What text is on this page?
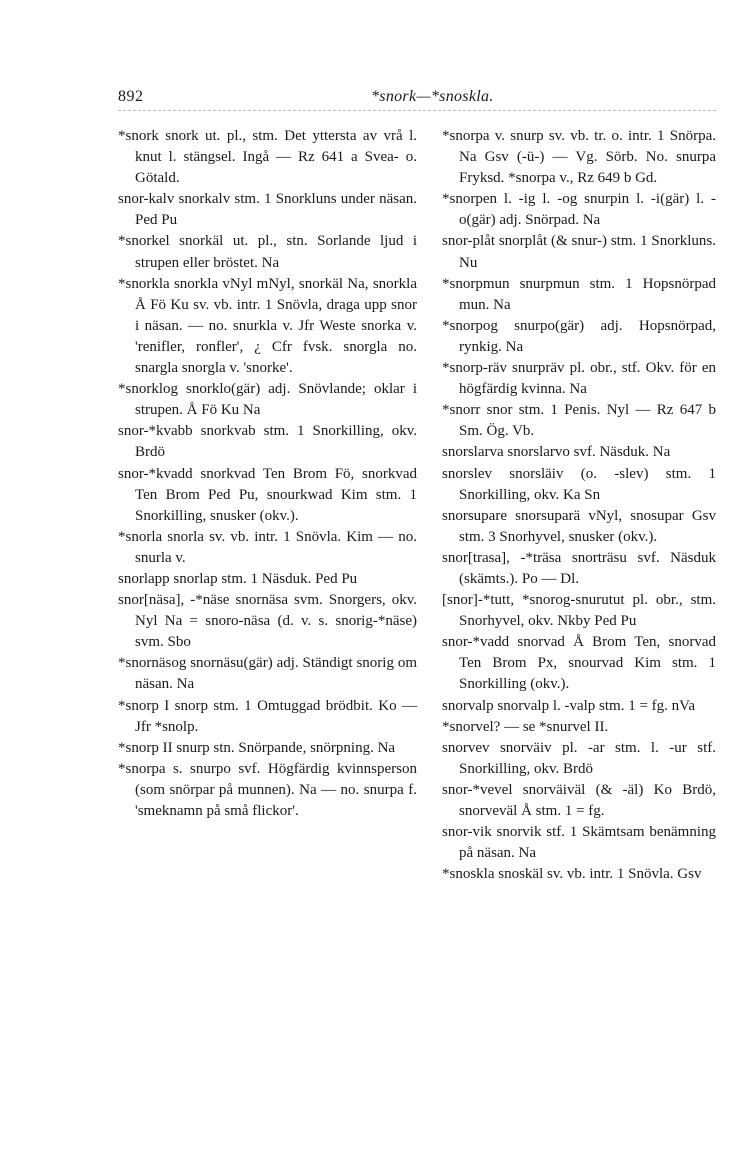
892	*snork—*snoskla.

*snork snork ut. pl., stm. Det yttersta av vrå l. knut l. stängsel. Ingå — Rz 641 a Svea- o. Götald.

snor-kalv snorkalv stm. 1 Snorkluns under näsan. Ped Pu

*snorkel snorkäl ut. pl., stn. Sorlande ljud i strupen eller bröstet. Na

*snorkla snorkla vNyl mNyl, snorkäl Na, snorkla Å Fö Ku sv. vb. intr. 1 Snövla, draga upp snor i näsan. — no. snurkla v. Jfr Weste snorka v. 'renifler, ronfler', ¿ Cfr fvsk. snorgla no. snargla snorgla v. 'snorke'.

*snorklog snorklo(gär) adj. Snövlande; oklar i strupen. Å Fö Ku Na

snor-*kvabb snorkvab stm. 1 Snorkilling, okv. Brdö

snor-*kvadd snorkvad Ten Brom Fö, snorkvad Ten Brom Ped Pu, snourkwad Kim stm. 1 Snorkilling, snusker (okv.).

*snorla snorla sv. vb. intr. 1 Snövla. Kim — no. snurla v.

snorlapp snorlap stm. 1 Näsduk. Ped Pu

snor[näsa], -*näse snornäsa svm. Snorgers, okv. Nyl Na = snoro-näsa (d. v. s. snorig-*näse) svm. Sbo

*snornäsog snornäsu(gär) adj. Ständigt snorig om näsan. Na

*snorp I snorp stm. 1 Omtuggad brödbit. Ko — Jfr *snolp.

*snorp II snurp stn. Snörpande, snörpning. Na

*snorpa s. snurpo svf. Högfärdig kvinnsperson (som snörpar på munnen). Na — no. snurpa f. 'smeknamn på små flickor'.

*snorpa v. snurp sv. vb. tr. o. intr. 1 Snörpa. Na Gsv (-ü-) — Vg. Sörb. No. snurpa Fryksd. *snorpa v., Rz 649 b Gd.

*snorpen l. -ig l. -og snurpin l. -i(gär) l. -o(gär) adj. Snörpad. Na

snor-plåt snorplåt (& snur-) stm. 1 Snorkluns. Nu

*snorpmun snurpmun stm. 1 Hopsnörpad mun. Na

*snorpog snurpo(gär) adj. Hopsnörpad, rynkig. Na

*snorp-räv snurpräv pl. obr., stf. Okv. för en högfärdig kvinna. Na

*snorr snor stm. 1 Penis. Nyl — Rz 647 b Sm. Ög. Vb.

snorslarva snorslarvo svf. Näsduk. Na

snorslev snorsläiv (o. -slev) stm. 1 Snorkilling, okv. Ka Sn

snorsupare snorsuparä vNyl, snosupar Gsv stm. 3 Snorhyvel, snusker (okv.).

snor[trasa], -*träsa snorträsu svf. Näsduk (skämts.). Po — Dl.

[snor]-*tutt, *snorog-snurutut pl. obr., stm. Snorhyvel, okv. Nkby Ped Pu

snor-*vadd snorvad Å Brom Ten, snorvad Ten Brom Px, snourvad Kim stm. 1 Snorkilling (okv.).

snorvalp snorvalp l. -valp stm. 1 = fg. nVa

*snorvel? — se *snurvel II.

snorvev snorväiv pl. -ar stm. l. -ur stf. Snorkilling, okv. Brdö

snor-*vevel snorväiväl (& -äl) Ko Brdö, snorveväl Å stm. 1 = fg.

snor-vik snorvik stf. 1 Skämtsam benämning på näsan. Na

*snoskla snoskäl sv. vb. intr. 1 Snövla. Gsv
